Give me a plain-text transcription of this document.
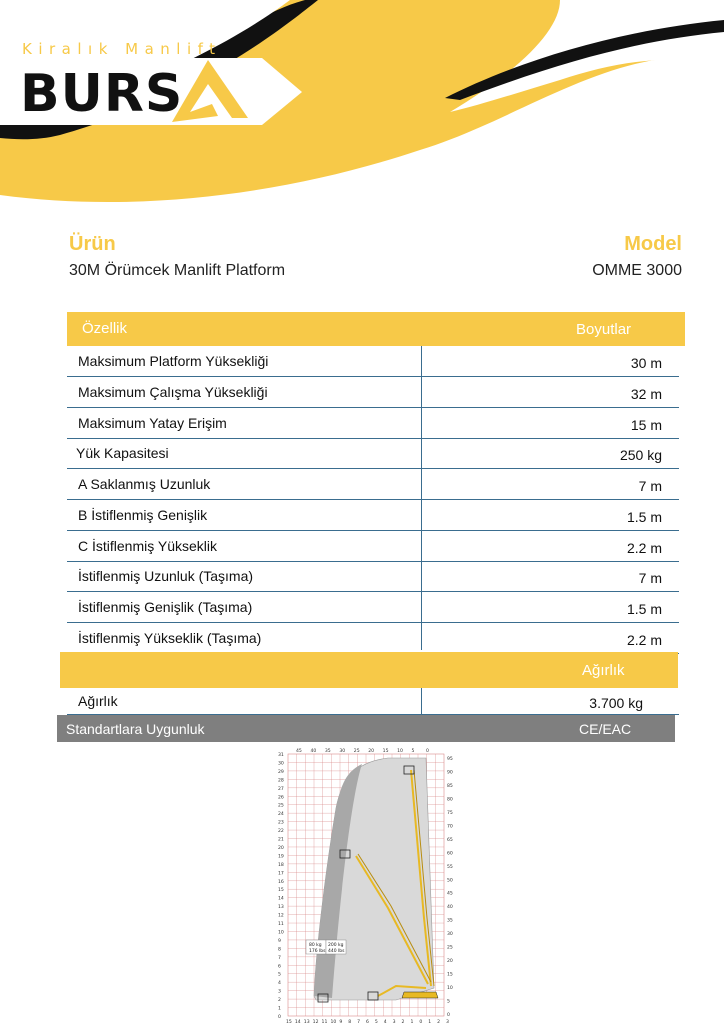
Kiralık Manlift
BURS
Ürün
30M Örümcek Manlift Platform
Model
OMME 3000
Özellik	Boyutlar
Maksimum Platform Yüksekliği	30 m
Maksimum Çalışma Yüksekliği	32 m
Maksimum Yatay Erişim	15 m
Yük Kapasitesi	250 kg
A Saklanmış Uzunluk	7 m
B İstiflenmiş Genişlik	1.5 m
C İstiflenmiş Yükseklik	2.2 m
İstiflenmiş Uzunluk (Taşıma)	7 m
İstiflenmiş Genişlik (Taşıma)	1.5 m
İstiflenmiş Yükseklik (Taşıma)	2.2 m
Ağırlık
Ağırlık	3.700 kg
Standartlara Uygunluk	CE/EAC
31
30
29
28
27
26
25
24
23
22
21
20
19
18
17
16
15
14
13
12
11
10
9
8
7
6
5
4
3
2
1
0
95
90
85
80
75
70
65
60
55
50
45
40
35
30
25
20
15
10
5
0
45 40 35 30 25 20 15 10 5	0
15 14 13 12 11 10 9 8 7 6 5 4 3 2 1 0 1 2 3
80 kg
176 lbs
200 kg
440 lbs
